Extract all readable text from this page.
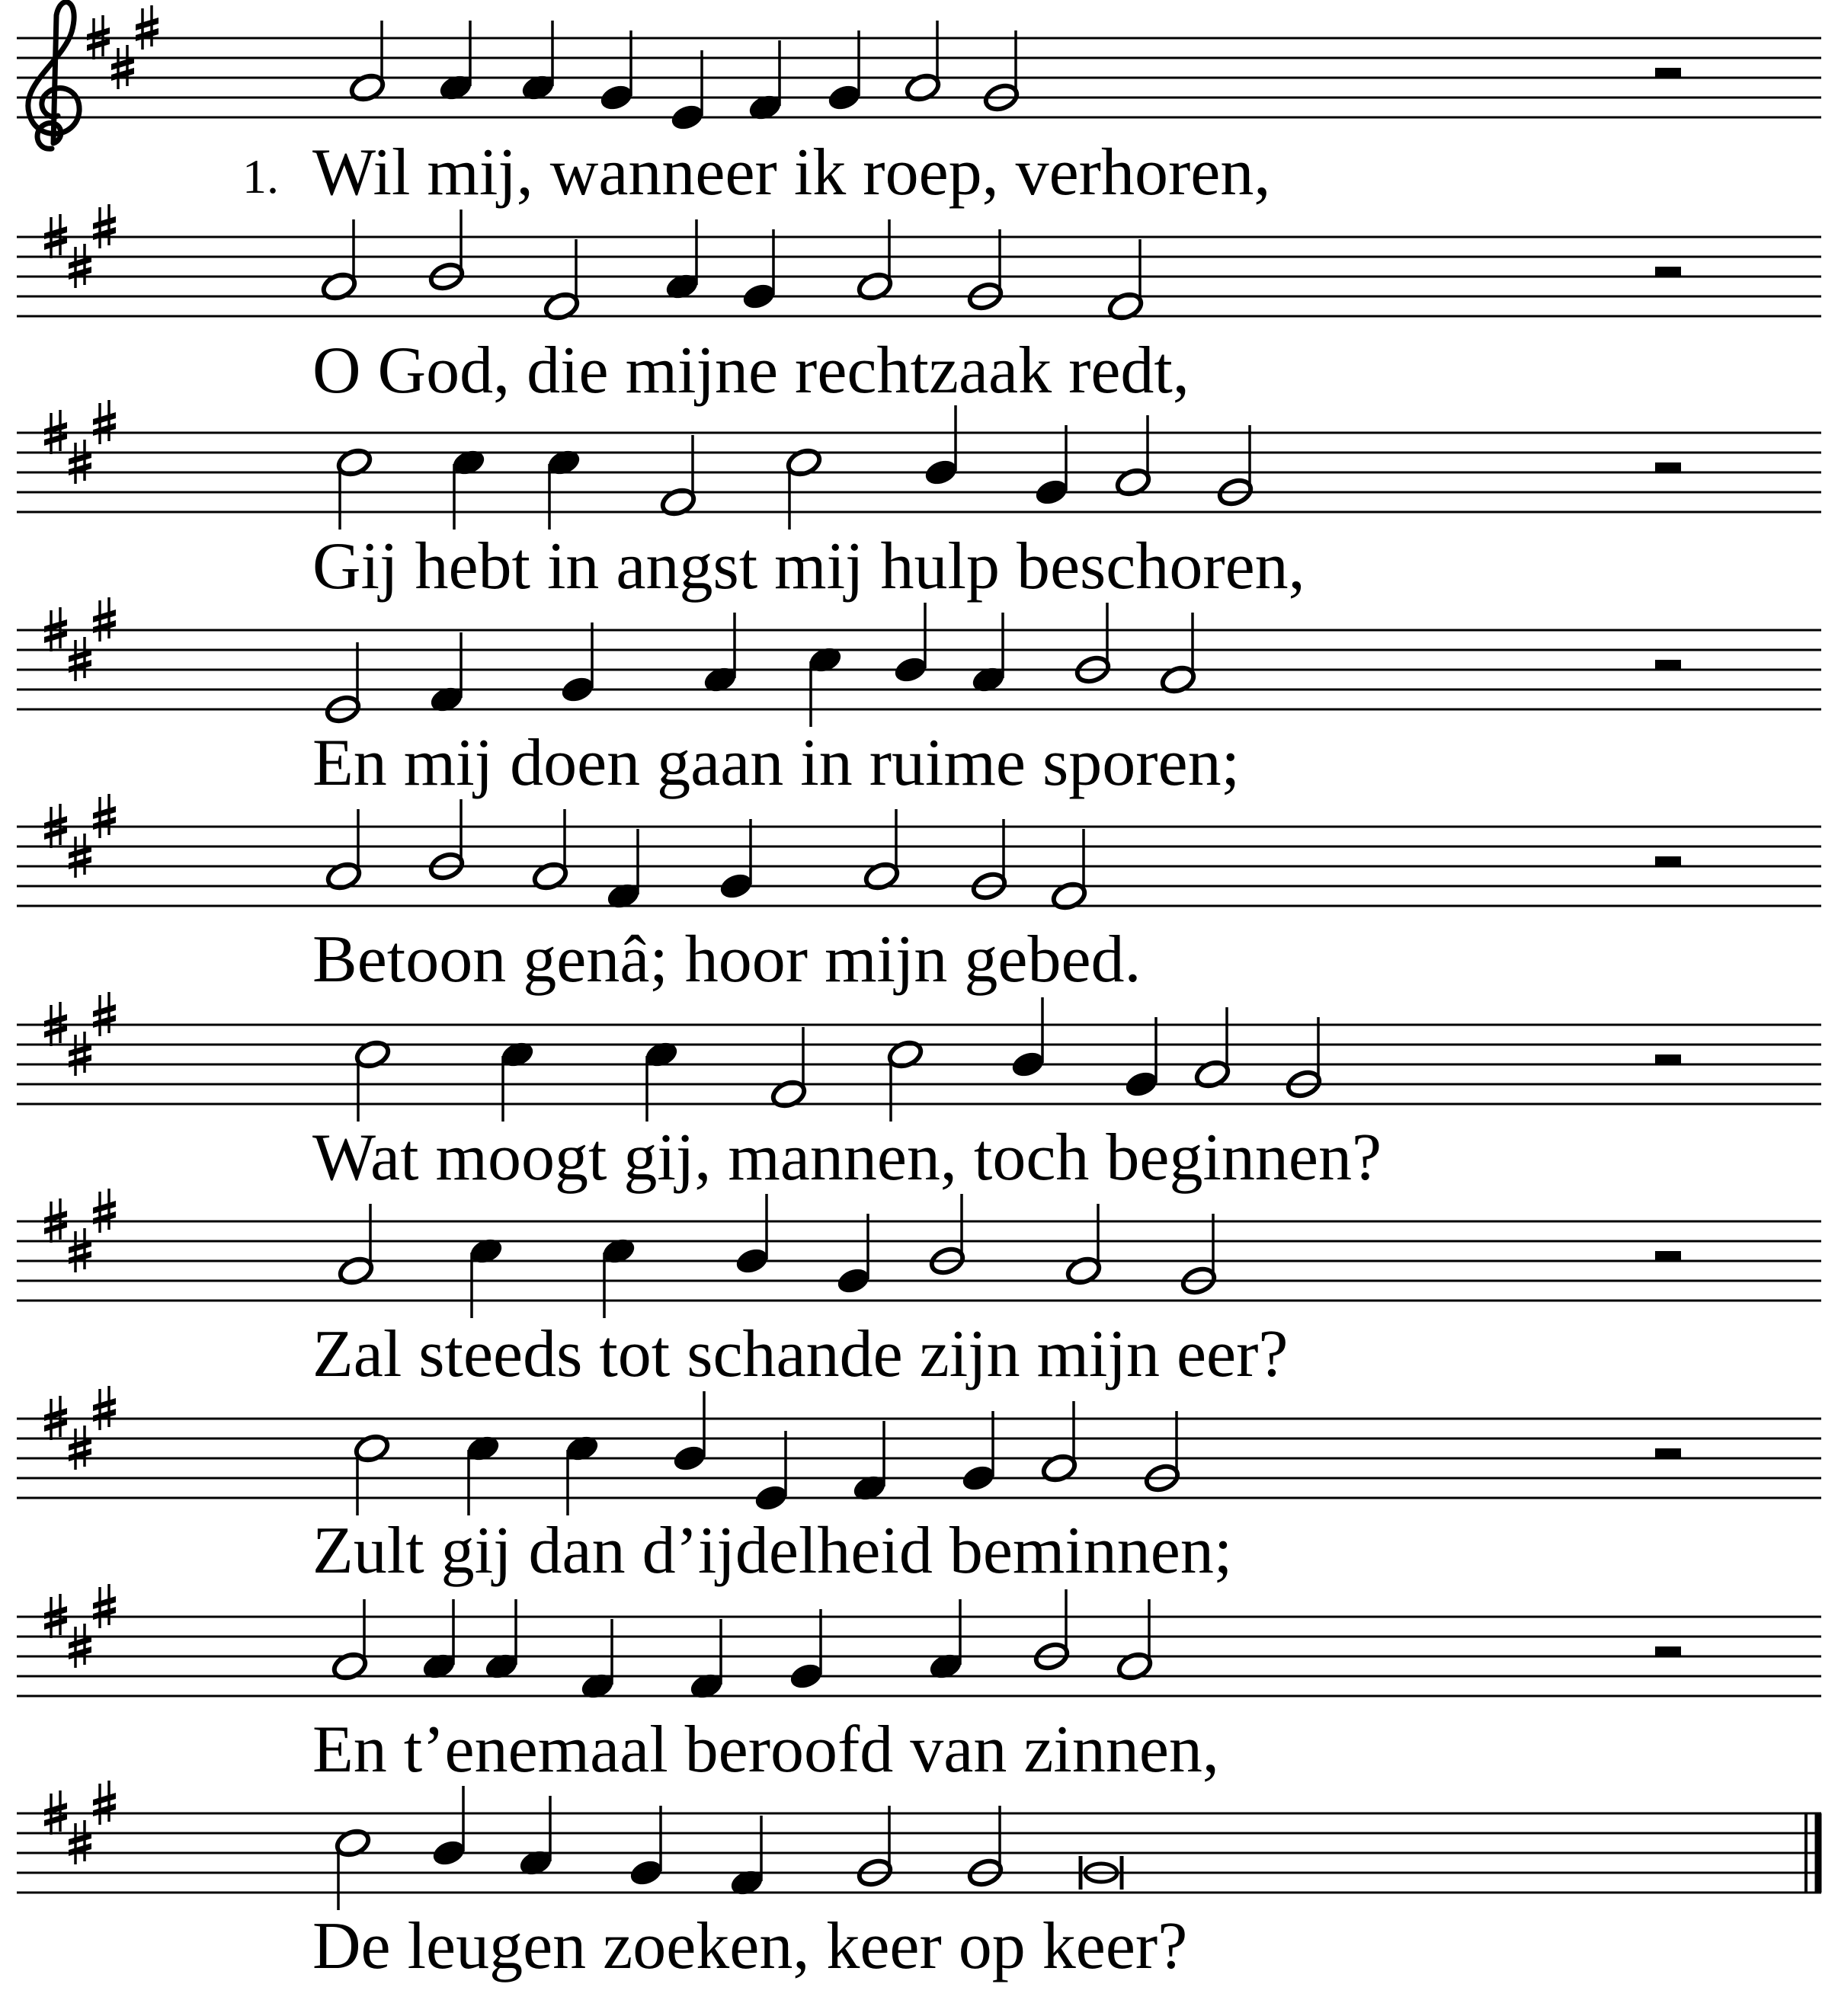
Wil mij, wanneer ik roep, verhoren,
O God, die mijne rechtzaak redt,
Gij hebt in angst mij hulp beschoren,
En mij doen gaan in ruime sporen;
Betoon genâ; hoor mijn gebed.
Wat moogt gij, mannen, toch beginnen?
Zal steeds tot schande zijn mijn eer?
Zult gij dan d’ijdelheid beminnen;
En t’enemaal beroofd van zinnen,
De leugen zoeken, keer op keer?
1.
